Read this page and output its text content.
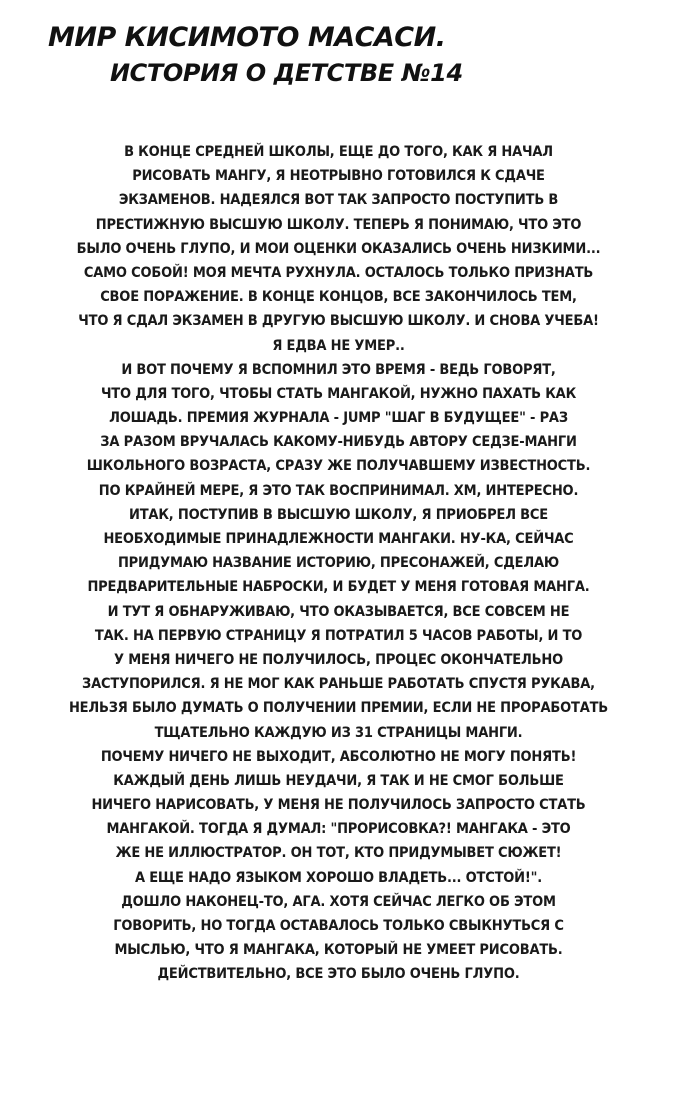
МИР КИСИМОТО МАСАСИ.
ИСТОРИЯ О ДЕТСТВЕ №14
В КОНЦЕ СРЕДНЕЙ ШКОЛЫ, ЕЩЕ ДО ТОГО, КАК Я НАЧАЛ
РИСОВАТЬ МАНГУ, Я НЕОТРЫВНО ГОТОВИЛСЯ К СДАЧЕ
ЭКЗАМЕНОВ. НАДЕЯЛСЯ ВОТ ТАК ЗАПРОСТО ПОСТУПИТЬ В
ПРЕСТИЖНУЮ ВЫСШУЮ ШКОЛУ. ТЕПЕРЬ Я ПОНИМАЮ, ЧТО ЭТО
БЫЛО ОЧЕНЬ ГЛУПО, И МОИ ОЦЕНКИ ОКАЗАЛИСЬ ОЧЕНЬ НИЗКИМИ...
САМО СОБОЙ! МОЯ МЕЧТА РУХНУЛА. ОСТАЛОСЬ ТОЛЬКО ПРИЗНАТЬ
СВОЕ ПОРАЖЕНИЕ. В КОНЦЕ КОНЦОВ, ВСЕ ЗАКОНЧИЛОСЬ ТЕМ,
ЧТО Я СДАЛ ЭКЗАМЕН В ДРУГУЮ ВЫСШУЮ ШКОЛУ. И СНОВА УЧЕБА!
Я ЕДВА НЕ УМЕР..
И ВОТ ПОЧЕМУ Я ВСПОМНИЛ ЭТО ВРЕМЯ - ВЕДЬ ГОВОРЯТ,
ЧТО ДЛЯ ТОГО, ЧТОБЫ СТАТЬ МАНГАКОЙ, НУЖНО ПАХАТЬ КАК
ЛОШАДЬ. ПРЕМИЯ ЖУРНАЛА - JUMP "ШАГ В БУДУЩЕЕ" - РАЗ
ЗА РАЗОМ ВРУЧАЛАСЬ КАКОМУ-НИБУДЬ АВТОРУ СЕДЗЕ-МАНГИ
ШКОЛЬНОГО ВОЗРАСТА, СРАЗУ ЖЕ ПОЛУЧАВШЕМУ ИЗВЕСТНОСТЬ.
ПО КРАЙНЕЙ МЕРЕ, Я ЭТО ТАК ВОСПРИНИМАЛ. ХМ, ИНТЕРЕСНО.
ИТАК, ПОСТУПИВ В ВЫСШУЮ ШКОЛУ, Я ПРИОБРЕЛ ВСЕ
НЕОБХОДИМЫЕ ПРИНАДЛЕЖНОСТИ МАНГАКИ. НУ-КА, СЕЙЧАС
ПРИДУМАЮ НАЗВАНИЕ ИСТОРИЮ, ПРЕСОНАЖЕЙ, СДЕЛАЮ
ПРЕДВАРИТЕЛЬНЫЕ НАБРОСКИ, И БУДЕТ У МЕНЯ ГОТОВАЯ МАНГА.
И ТУТ Я ОБНАРУЖИВАЮ, ЧТО ОКАЗЫВАЕТСЯ, ВСЕ СОВСЕМ НЕ
ТАК. НА ПЕРВУЮ СТРАНИЦУ Я ПОТРАТИЛ 5 ЧАСОВ РАБОТЫ, И ТО
У МЕНЯ НИЧЕГО НЕ ПОЛУЧИЛОСЬ, ПРОЦЕС ОКОНЧАТЕЛЬНО
ЗАСТУПОРИЛСЯ. Я НЕ МОГ КАК РАНЬШЕ РАБОТАТЬ СПУСТЯ РУКАВА,
НЕЛЬЗЯ БЫЛО ДУМАТЬ О ПОЛУЧЕНИИ ПРЕМИИ, ЕСЛИ НЕ ПРОРАБОТАТЬ
ТЩАТЕЛЬНО КАЖДУЮ ИЗ 31 СТРАНИЦЫ МАНГИ.
ПОЧЕМУ НИЧЕГО НЕ ВЫХОДИТ, АБСОЛЮТНО НЕ МОГУ ПОНЯТЬ!
КАЖДЫЙ ДЕНЬ ЛИШЬ НЕУДАЧИ, Я ТАК И НЕ СМОГ БОЛЬШЕ
НИЧЕГО НАРИСОВАТЬ, У МЕНЯ НЕ ПОЛУЧИЛОСЬ ЗАПРОСТО СТАТЬ
МАНГАКОЙ. ТОГДА Я ДУМАЛ: "ПРОРИСОВКА?! МАНГАКА - ЭТО
ЖЕ НЕ ИЛЛЮСТРАТОР. ОН ТОТ, КТО ПРИДУМЫВЕТ СЮЖЕТ!
А ЕЩЕ НАДО ЯЗЫКОМ ХОРОШО ВЛАДЕТЬ... ОТСТОЙ!".
ДОШЛО НАКОНЕЦ-ТО, АГА. ХОТЯ СЕЙЧАС ЛЕГКО ОБ ЭТОМ
ГОВОРИТЬ, НО ТОГДА ОСТАВАЛОСЬ ТОЛЬКО СВЫКНУТЬСЯ С
МЫСЛЬЮ, ЧТО Я МАНГАКА, КОТОРЫЙ НЕ УМЕЕТ РИСОВАТЬ.
ДЕЙСТВИТЕЛЬНО, ВСЕ ЭТО БЫЛО ОЧЕНЬ ГЛУПО.
